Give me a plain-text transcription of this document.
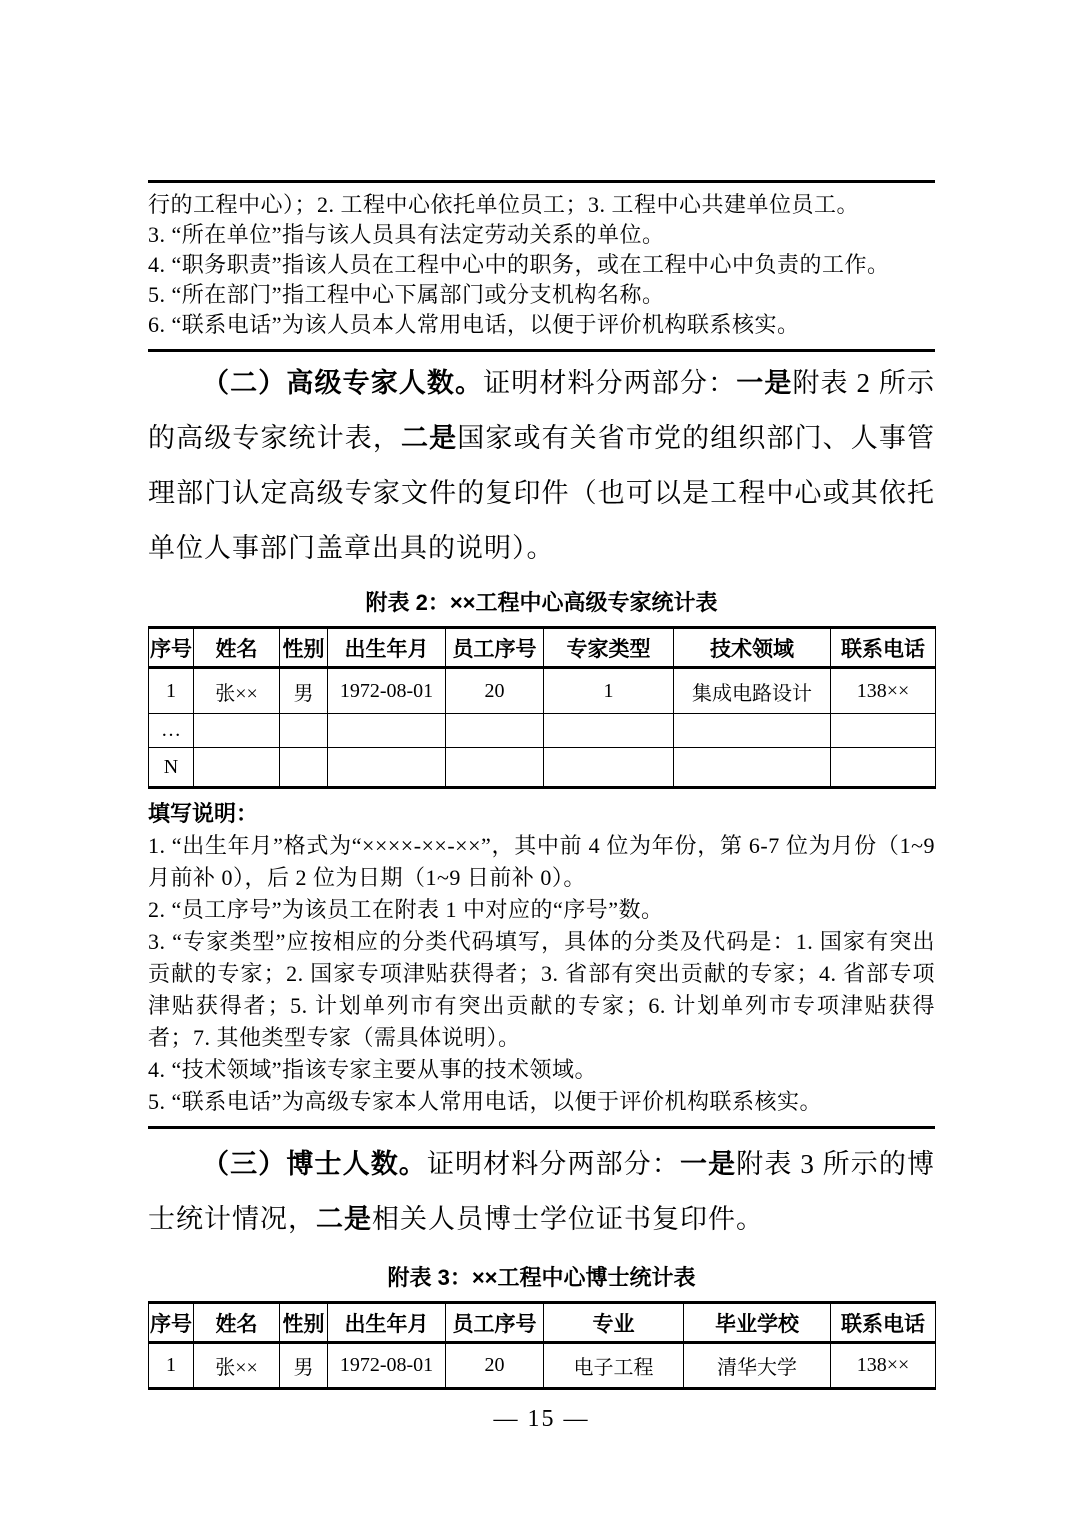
行的工程中心）；2. 工程中心依托单位员工；3. 工程中心共建单位员工。
3. “所在单位”指与该人员具有法定劳动关系的单位。
4. “职务职责”指该人员在工程中心中的职务，或在工程中心中负责的工作。
5. “所在部门”指工程中心下属部门或分支机构名称。
6. “联系电话”为该人员本人常用电话，以便于评价机构联系核实。

（二）高级专家人数。证明材料分两部分：一是附表 2 所示的高级专家统计表，二是国家或有关省市党的组织部门、人事管理部门认定高级专家文件的复印件（也可以是工程中心或其依托单位人事部门盖章出具的说明）。

附表 2：××工程中心高级专家统计表
序号	姓名	性别	出生年月	员工序号	专家类型	技术领域	联系电话
1	张××	男	1972-08-01	20	1	集成电路设计	138××
…							
N							
填写说明：
1. “出生年月”格式为“××××-××-××”，其中前 4 位为年份，第 6-7 位为月份（1~9 月前补 0），后 2 位为日期（1~9 日前补 0）。
2. “员工序号”为该员工在附表 1 中对应的“序号”数。
3. “专家类型”应按相应的分类代码填写，具体的分类及代码是：1. 国家有突出贡献的专家；2. 国家专项津贴获得者；3. 省部有突出贡献的专家；4. 省部专项津贴获得者；5. 计划单列市有突出贡献的专家；6. 计划单列市专项津贴获得者；7. 其他类型专家（需具体说明）。
4. “技术领域”指该专家主要从事的技术领域。
5. “联系电话”为高级专家本人常用电话，以便于评价机构联系核实。

（三）博士人数。证明材料分两部分：一是附表 3 所示的博士统计情况，二是相关人员博士学位证书复印件。

附表 3：××工程中心博士统计表
序号	姓名	性别	出生年月	员工序号	专业	毕业学校	联系电话
1	张××	男	1972-08-01	20	电子工程	清华大学	138××
— 15 —
